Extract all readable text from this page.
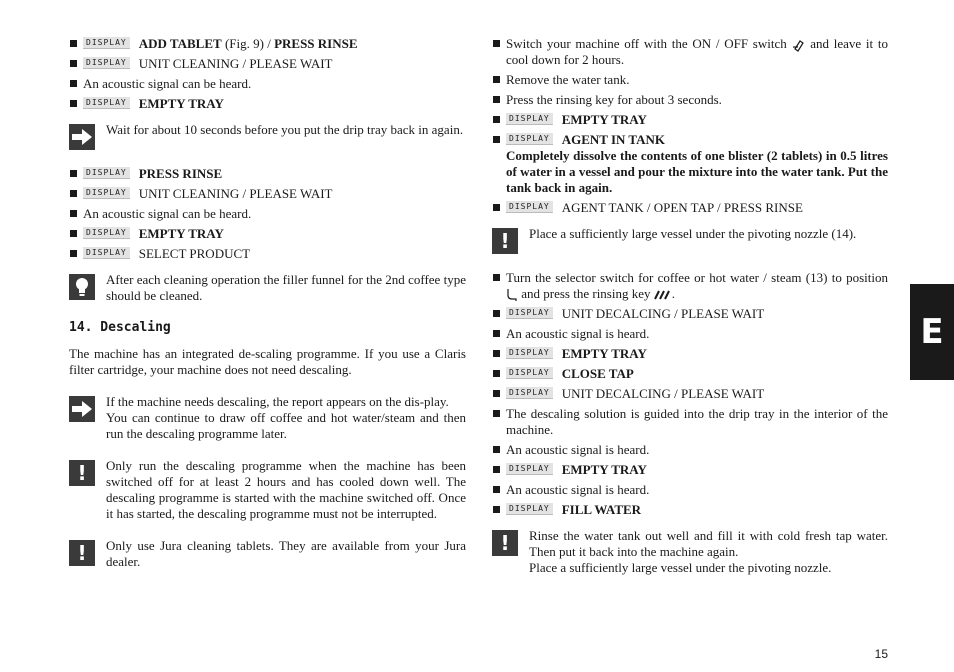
DISPLAY ADD TABLET (Fig. 9) / PRESS RINSE
DISPLAY UNIT CLEANING / PLEASE WAIT
An acoustic signal can be heard.
DISPLAY EMPTY TRAY

Wait for about 10 seconds before you put the drip tray back in again.

DISPLAY PRESS RINSE
DISPLAY UNIT CLEANING / PLEASE WAIT
An acoustic signal can be heard.
DISPLAY EMPTY TRAY
DISPLAY SELECT PRODUCT

After each cleaning operation the filler funnel for the 2nd coffee type should be cleaned.

14. Descaling

The machine has an integrated de-scaling programme. If you use a Claris filter cartridge, your machine does not need descaling.

If the machine needs descaling, the report appears on the dis-play.

You can continue to draw off coffee and hot water/steam and then run the descaling programme later.

!	Only run the descaling programme when the machine has been switched off for at least 2 hours and has cooled down well. The descaling programme is started with the machine switched off. Once it has started, the descaling programme must not be interrupted.

!	Only use Jura cleaning tablets. They are available from your Jura dealer.

Switch your machine off with the ON / OFF switch  and leave it to cool down for 2 hours.
Remove the water tank.
Press the rinsing key for about 3 seconds.
DISPLAY EMPTY TRAY
DISPLAY AGENT IN TANK

Completely dissolve the contents of one blister (2 tablets) in 0.5 litres of water in a vessel and pour the mixture into the water tank. Put the tank back in again.

DISPLAY AGENT TANK / OPEN TAP / PRESS RINSE
!	Place a sufficiently large vessel under the pivoting nozzle (14).

Turn the selector switch for coffee or hot water / steam (13) to position  and press the rinsing key .
DISPLAY UNIT DECALCING / PLEASE WAIT
An acoustic signal is heard.
DISPLAY EMPTY TRAY
DISPLAY CLOSE TAP
DISPLAY UNIT DECALCING / PLEASE WAIT
The descaling solution is guided into the drip tray in the interior of the machine.
An acoustic signal is heard.
DISPLAY EMPTY TRAY
An acoustic signal is heard.
DISPLAY FILL WATER
!	Rinse the water tank out well and fill it with cold fresh tap water. Then put it back into the machine again.

Place a sufficiently large vessel under the pivoting nozzle.

E
15
